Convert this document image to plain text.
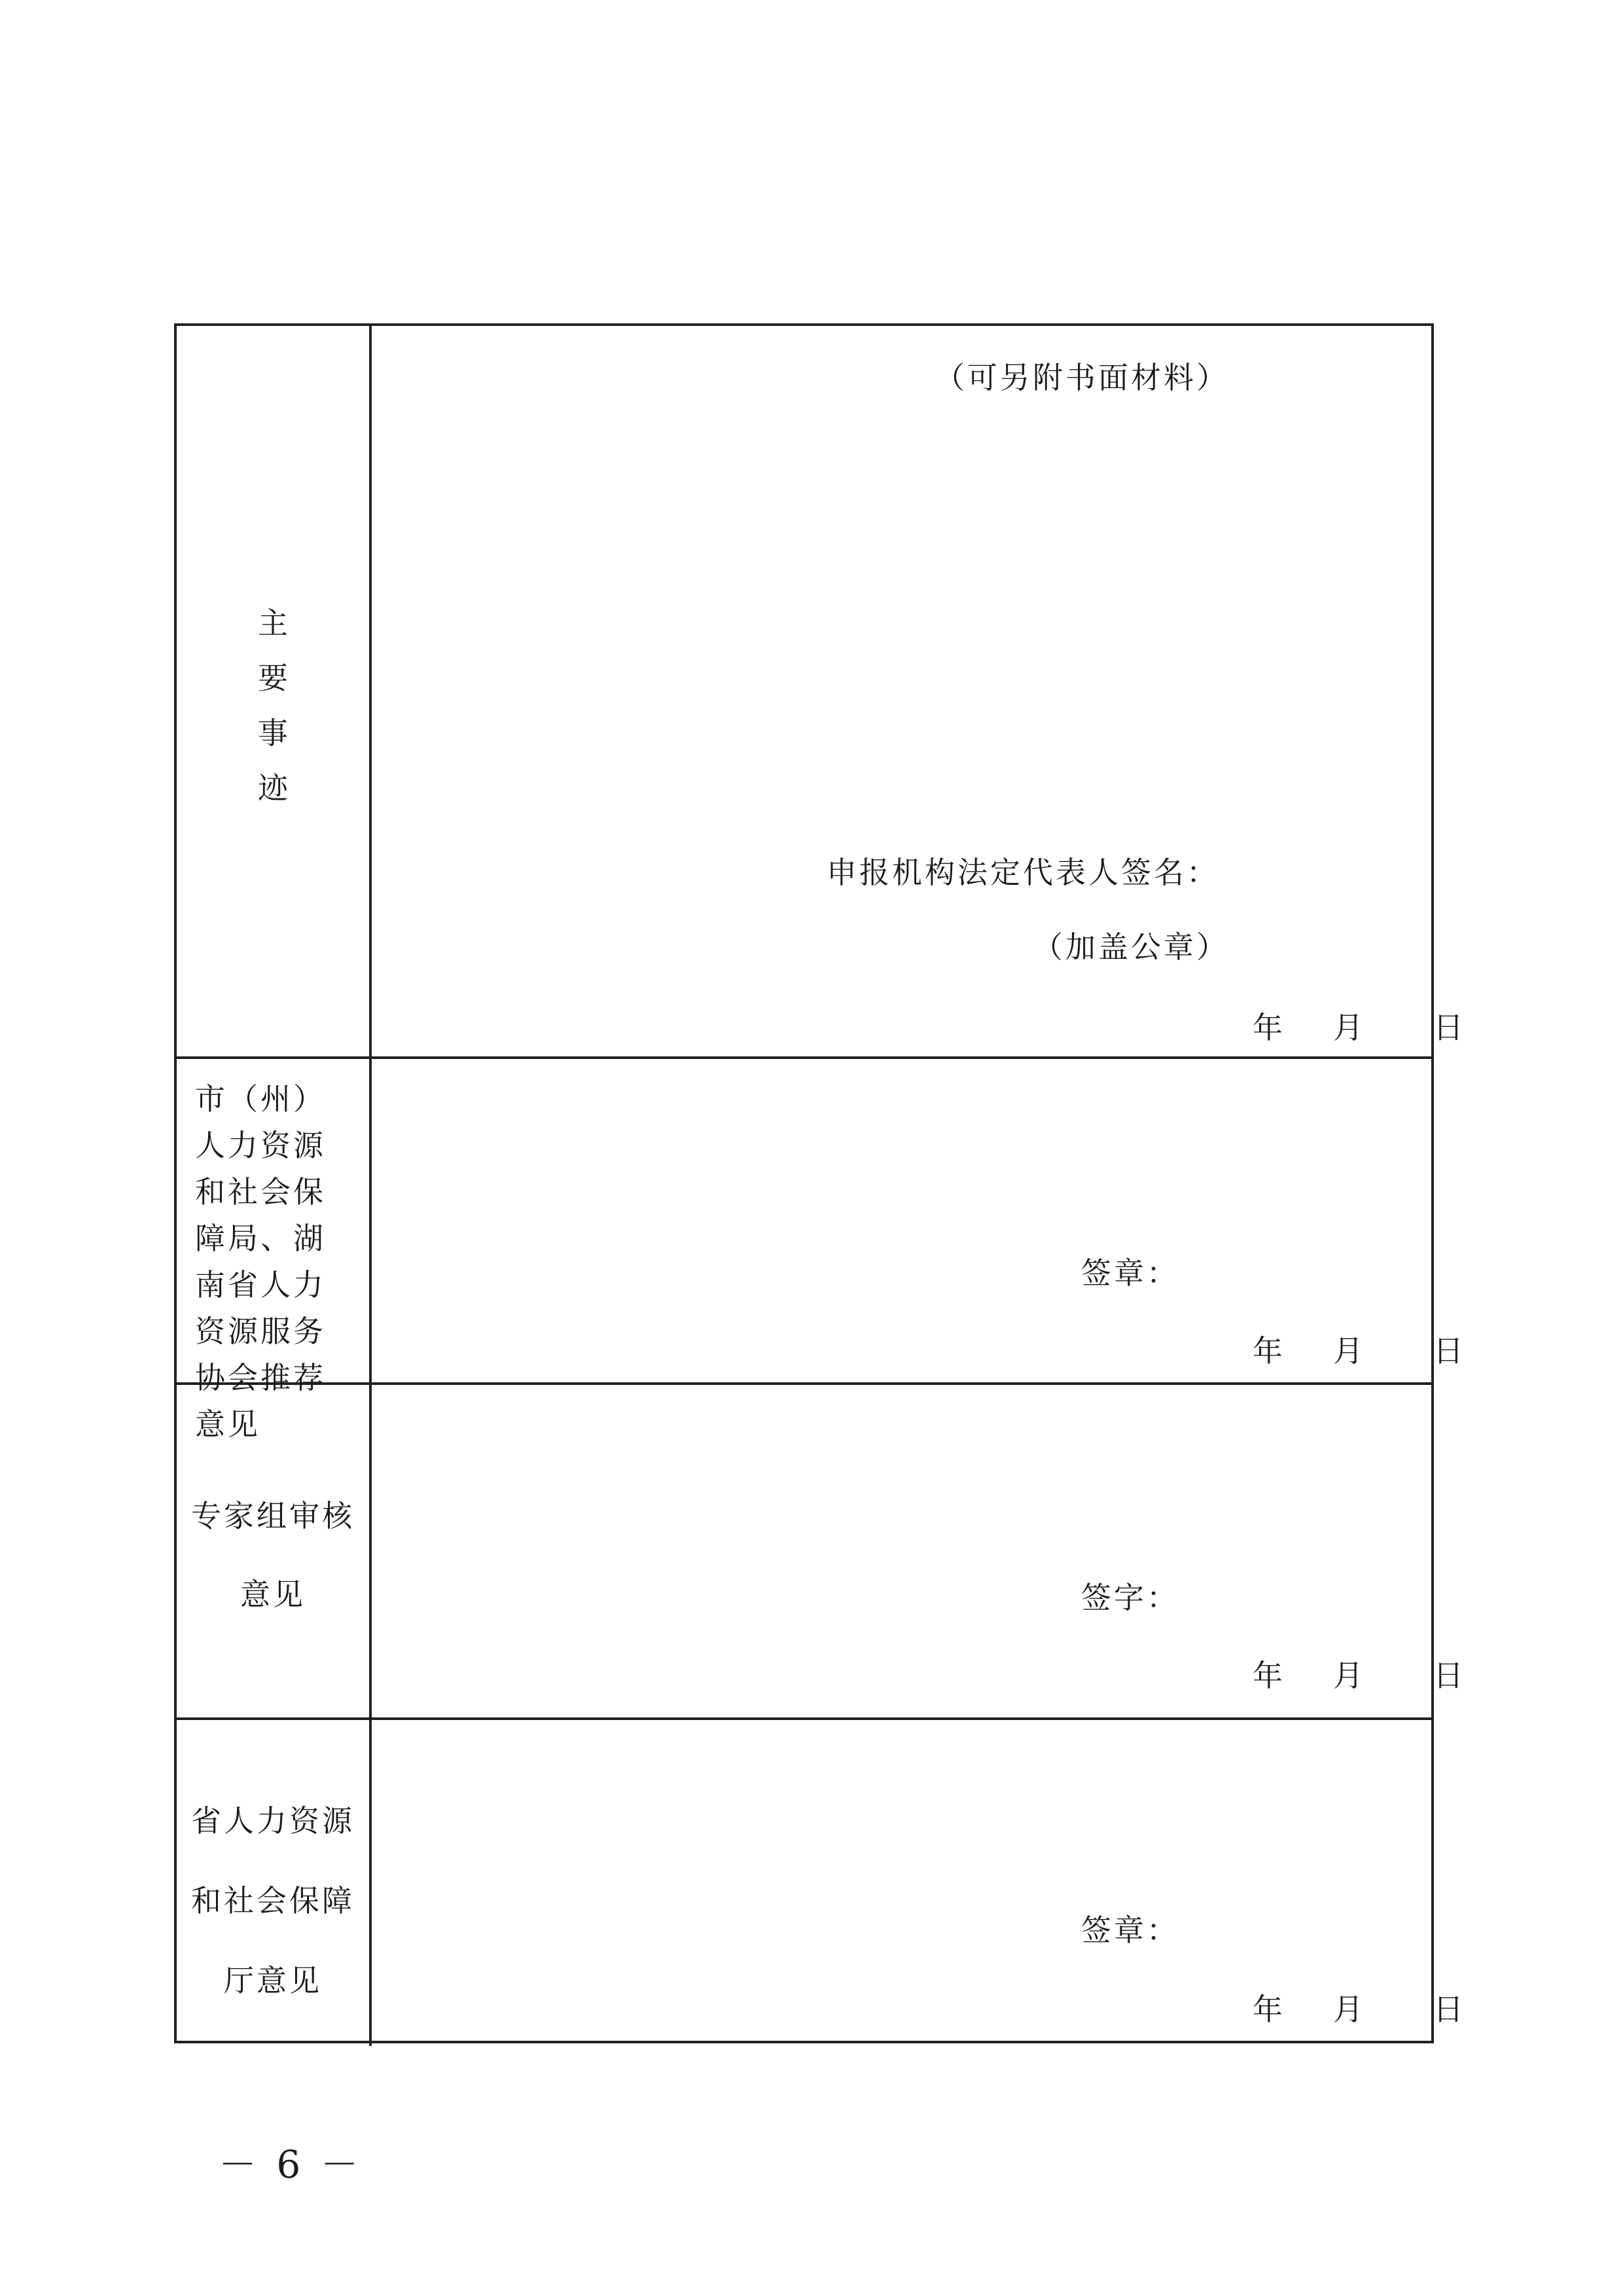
主
要
事
迹
（可另附书面材料）
申报机构法定代表人签名：
（加盖公章）
年 月 日
市（州）人力资源和社会保障局、湖南省人力资源服务协会推荐意见
签章：
年 月 日
专家组审核
意见	签字：
年 月 日
省人力资源
和社会保障
厅意见
签章：
年 月 日
－ 6 －
